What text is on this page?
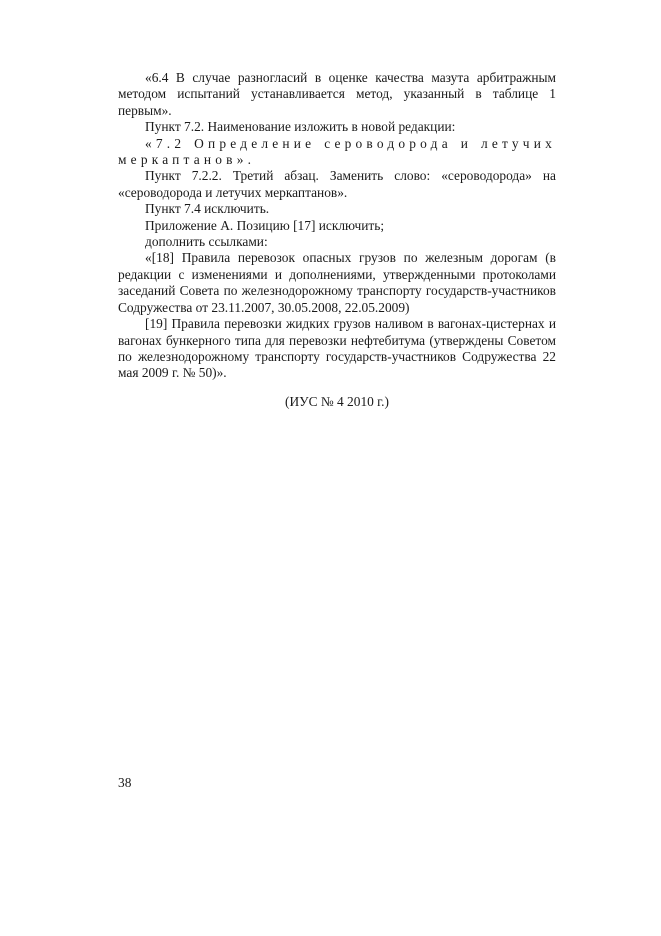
«6.4 В случае разногласий в оценке качества мазута арбитражным методом испытаний устанавливается метод, указанный в таблице 1 первым».

Пункт 7.2. Наименование изложить в новой редакции:

«7.2 Определение сероводорода и летучих меркаптанов».

Пункт 7.2.2. Третий абзац. Заменить слово: «сероводорода» на «сероводорода и летучих меркаптанов».

Пункт 7.4 исключить.

Приложение А. Позицию [17] исключить;

дополнить ссылками:

«[18] Правила перевозок опасных грузов по железным дорогам (в редакции с изменениями и дополнениями, утвержденными протоколами заседаний Совета по железнодорожному транспорту государств-участников Содружества от 23.11.2007, 30.05.2008, 22.05.2009)

[19] Правила перевозки жидких грузов наливом в вагонах-цистернах и вагонах бункерного типа для перевозки нефтебитума (утверждены Советом по железнодорожному транспорту государств-участников Содружества 22 мая 2009 г. № 50)».

(ИУС № 4 2010 г.)
38
